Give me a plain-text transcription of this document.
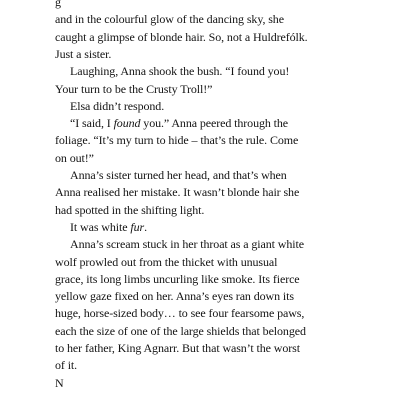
g
and in the colourful glow of the dancing sky, she
caught a glimpse of blonde hair. So, not a Huldrefólk.
Just a sister.
Laughing, Anna shook the bush. “I found you!
Your turn to be the Crusty Troll!”
Elsa didn’t respond.
“I said, I found you.” Anna peered through the
foliage. “It’s my turn to hide – that’s the rule. Come
on out!”
Anna’s sister turned her head, and that’s when
Anna realised her mistake. It wasn’t blonde hair she
had spotted in the shifting light.
It was white fur.
Anna’s scream stuck in her throat as a giant white
wolf prowled out from the thicket with unusual
grace, its long limbs uncurling like smoke. Its fierce
yellow gaze fixed on her. Anna’s eyes ran down its
huge, horse-sized body… to see four fearsome paws,
each the size of one of the large shields that belonged
to her father, King Agnarr. But that wasn’t the worst
of it.
N
